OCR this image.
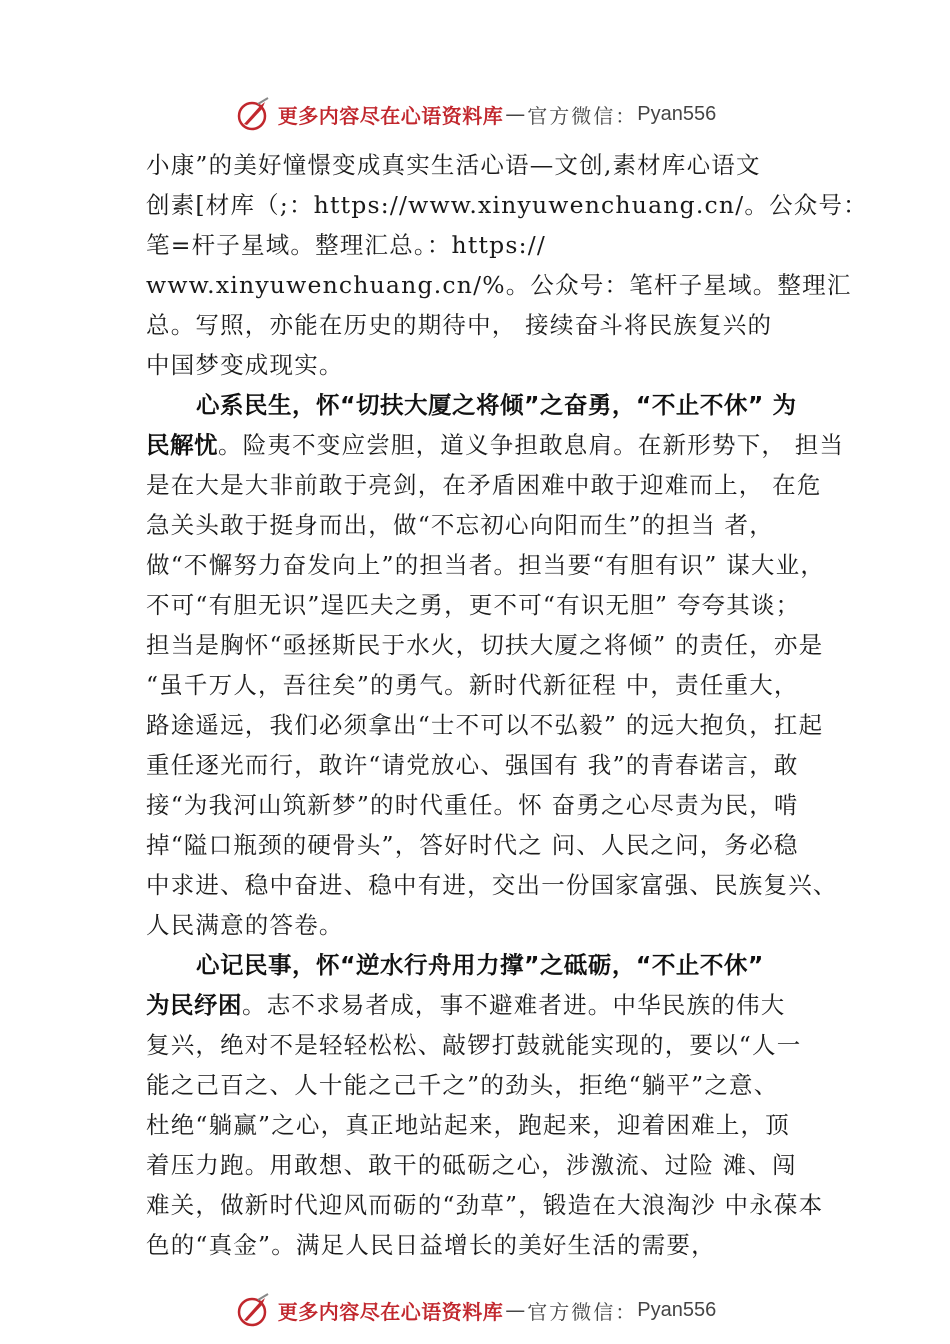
更多内容尽在心语资料库 — 官方微信： Pyan556
小康”的美好憧憬变成真实生活心语—文创,素材库心语文
创素[材库（;：https://www.xinyuwenchuang.cn/。公众号：
笔=杆子星域。整理汇总。：https://
www.xinyuwenchuang.cn/%。公众号：笔杆子星域。整理汇
总。写照，亦能在历史的期待中， 接续奋斗将民族复兴的
中国梦变成现实。
心系民生，怀“切扶大厦之将倾”之奋勇，“不止不休” 为
民解忧。险夷不变应尝胆，道义争担敢息肩。在新形势下， 担当
是在大是大非前敢于亮剑，在矛盾困难中敢于迎难而上， 在危
急关头敢于挺身而出，做“不忘初心向阳而生”的担当 者，
做“不懈努力奋发向上”的担当者。担当要“有胆有识” 谋大业，
不可“有胆无识”逞匹夫之勇，更不可“有识无胆” 夸夸其谈；
担当是胸怀“亟拯斯民于水火，切扶大厦之将倾” 的责任，亦是
“虽千万人，吾往矣”的勇气。新时代新征程 中，责任重大，
路途遥远，我们必须拿出“士不可以不弘毅” 的远大抱负，扛起
重任逐光而行，敢许“请党放心、强国有 我”的青春诺言，敢
接“为我河山筑新梦”的时代重任。怀 奋勇之心尽责为民，啃
掉“隘口瓶颈的硬骨头”，答好时代之 问、人民之问，务必稳
中求进、稳中奋进、稳中有进，交出一份国家富强、民族复兴、
人民满意的答卷。
心记民事，怀“逆水行舟用力撑”之砥砺，“不止不休”
为民纾困。志不求易者成，事不避难者进。中华民族的伟大
复兴，绝对不是轻轻松松、敲锣打鼓就能实现的，要以“人一
能之己百之、人十能之己千之”的劲头，拒绝“躺平”之意、
杜绝“躺赢”之心，真正地站起来，跑起来，迎着困难上，顶
着压力跑。用敢想、敢干的砥砺之心，涉激流、过险 滩、闯
难关，做新时代迎风而砺的“劲草”，锻造在大浪淘沙 中永葆本
色的“真金”。满足人民日益增长的美好生活的需要，
更多内容尽在心语资料库 — 官方微信： Pyan556
